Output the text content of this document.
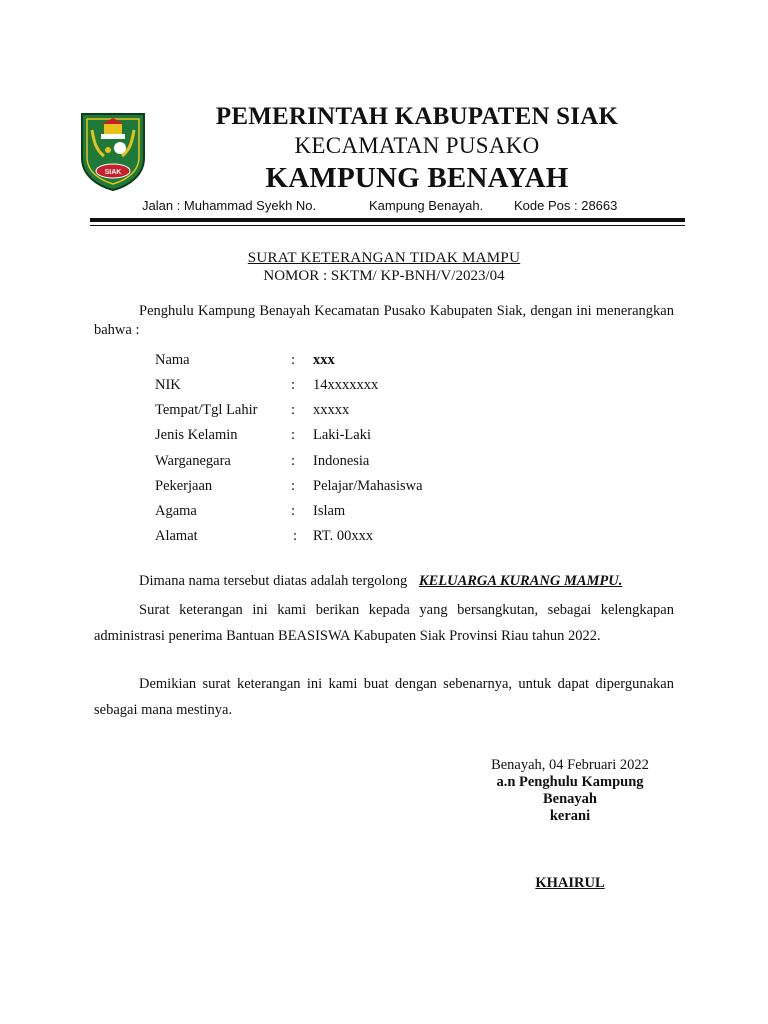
SIAK
PEMERINTAH KABUPATEN SIAK
KECAMATAN PUSAKO
KAMPUNG BENAYAH
Jalan : Muhammad Syekh No.	Kampung Benayah. Kode Pos : 28663
SURAT KETERANGAN TIDAK MAMPU
NOMOR : SKTM/ KP-BNH/V/2023/04
Penghulu Kampung Benayah Kecamatan Pusako Kabupaten Siak, dengan ini menerangkan bahwa :
Nama	: xxx
NIK	: 14xxxxxxx
Tempat/Tgl Lahir : xxxxx
Jenis Kelamin	: Laki-Laki
Warganegara	: Indonesia
Pekerjaan	: Pelajar/Mahasiswa
Agama	: Islam
Alamat	: RT. 00xxx
Dimana nama tersebut diatas adalah tergolong KELUARGA KURANG MAMPU.
Surat keterangan ini kami berikan kepada yang bersangkutan, sebagai kelengkapan administrasi penerima Bantuan BEASISWA Kabupaten Siak Provinsi Riau tahun 2022.
Demikian surat keterangan ini kami buat dengan sebenarnya, untuk dapat dipergunakan sebagai mana mestinya.
Benayah, 04 Februari 2022
a.n Penghulu Kampung
Benayah
kerani
KHAIRUL
